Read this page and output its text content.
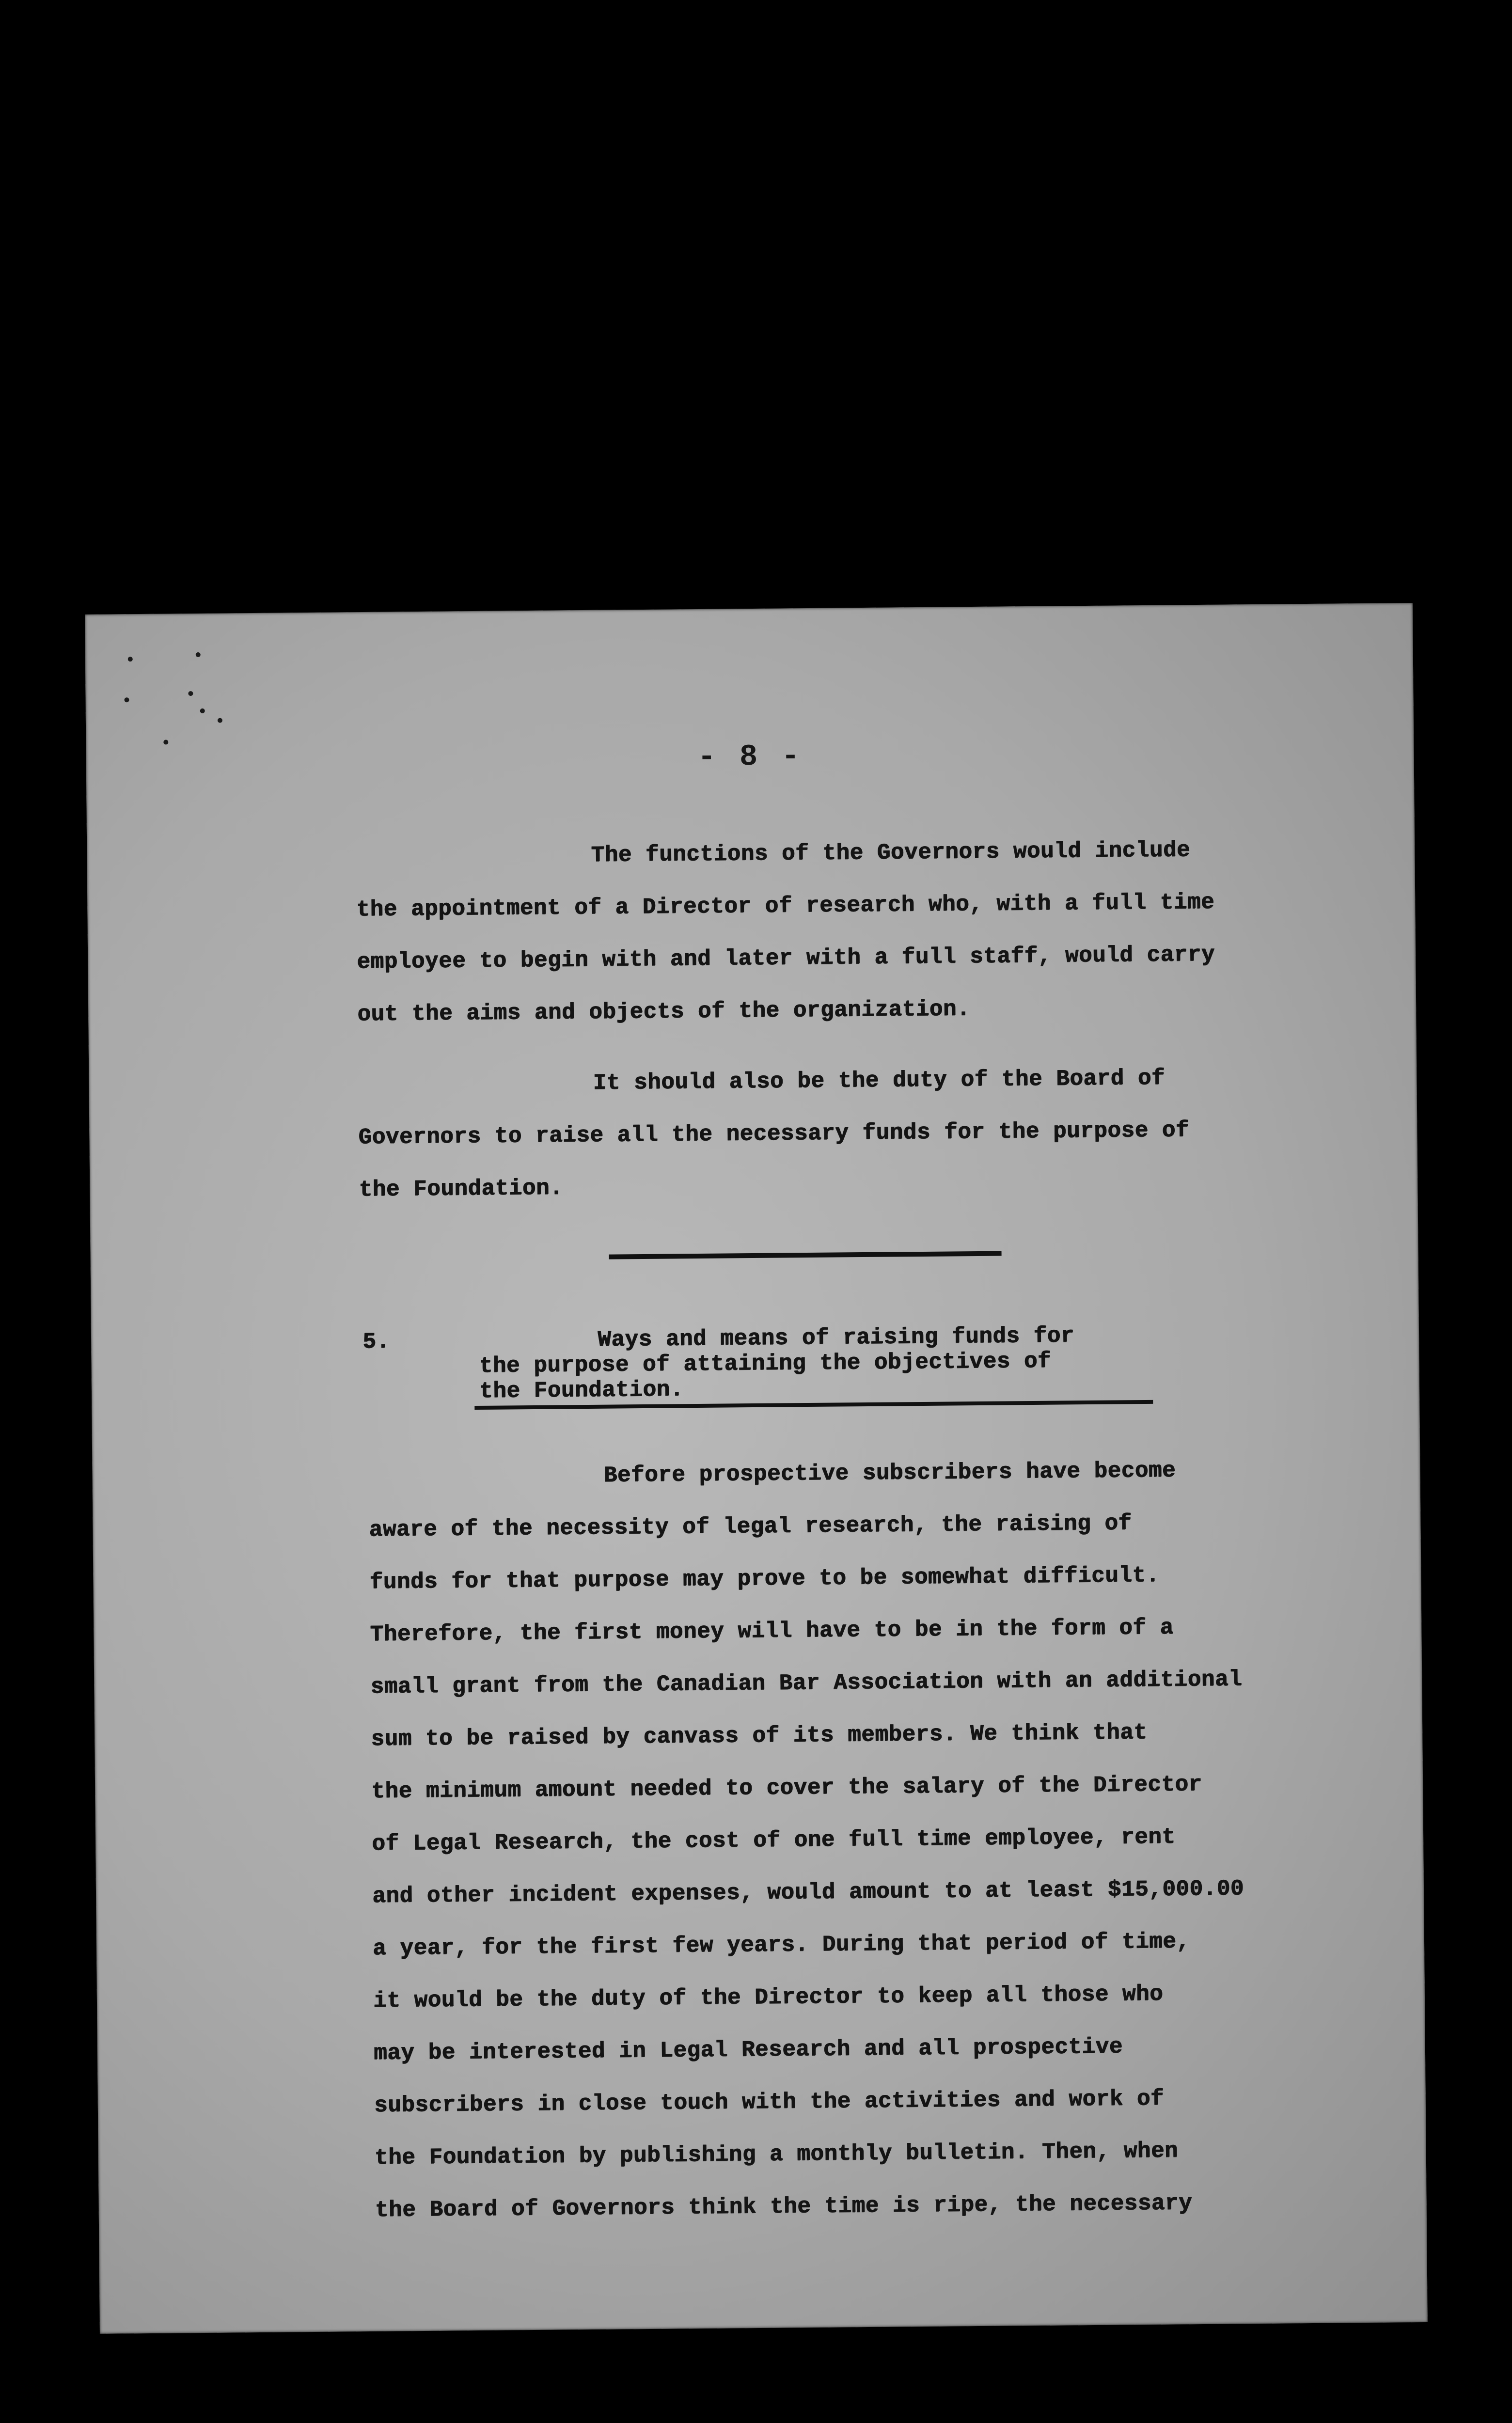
- 8 -
The functions of the Governors would include
the appointment of a Director of research who, with a full time
employee to begin with and later with a full staff, would carry
out the aims and objects of the organization.
It should also be the duty of the Board of
Governors to raise all the necessary funds for the purpose of
the Foundation.
5.	Ways and means of raising funds for
the purpose of attaining the objectives of
the Foundation.
Before prospective subscribers have become
aware of the necessity of legal research, the raising of
funds for that purpose may prove to be somewhat difficult.
Therefore, the first money will have to be in the form of a
small grant from the Canadian Bar Association with an additional
sum to be raised by canvass of its members. We think that
the minimum amount needed to cover the salary of the Director
of Legal Research, the cost of one full time employee, rent
and other incident expenses, would amount to at least $15,000.00
a year, for the first few years. During that period of time,
it would be the duty of the Director to keep all those who
may be interested in Legal Research and all prospective
subscribers in close touch with the activities and work of
the Foundation by publishing a monthly bulletin. Then, when
the Board of Governors think the time is ripe, the necessary
